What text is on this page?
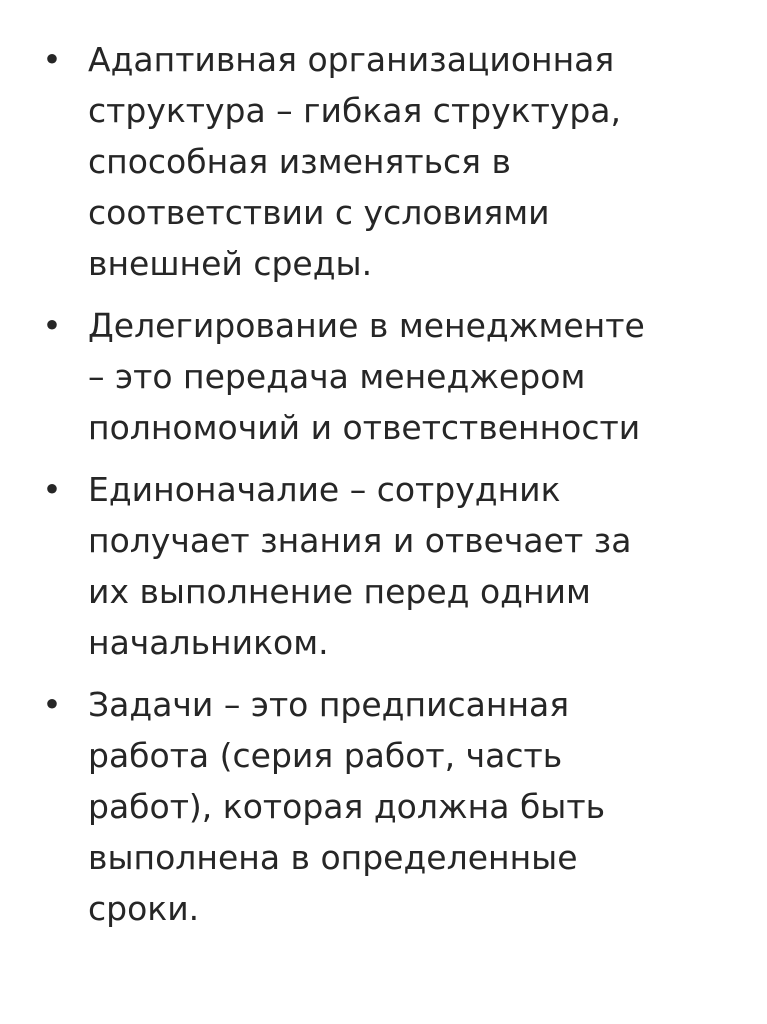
• Адаптивная организационная
структура – гибкая структура,
способная изменяться в
соответствии с условиями
внешней среды.
• Делегирование в менеджменте
– это передача менеджером
полномочий и ответственности
• Единоначалие – сотрудник
получает знания и отвечает за
их выполнение перед одним
начальником.
• Задачи – это предписанная
работа (серия работ, часть
работ), которая должна быть
выполнена в определенные
сроки.
